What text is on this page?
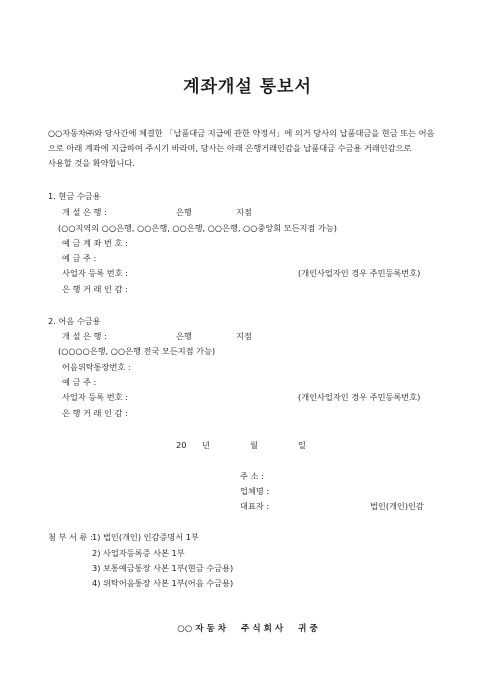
계좌개설 통보서
○○자동차㈜와 당사간에 체결한 「납품대금 지급에 관한 약정서」에 의거 당사의 납품대금을 현금 또는 어음
으로 아래 계좌에 지급하여 주시기 바라며, 당사는 아래 은행거래인감을 납품대금 수금용 거래인감으로
사용할 것을 확약합니다.
1. 현금 수금용
개 설 은 행 :	은행	지점
(○○지역의 ○○은행, ○○은행, ○○은행, ○○은행, ○○중앙회 모든지점 가능)
예 금 계 좌 번 호 :
예 금 주 :
사업자 등록 번호 :	(개인사업자인 경우 주민등록번호)
은 행 거 래 인 감 :
2. 어음 수금용
개 설 은 행 :	은행	지점
(○○○○은행, ○○은행 전국 모든지점 가능)
어음위탁통장번호 :
예 금 주 :
사업자 등록 번호 :	(개인사업자인 경우 주민등록번호)
은 행 거 래 인 감 :
20 년	월	일
주 소 :
업체명 :
대표자 :	법인(개인)인감
첨 부 서 류 : 1) 법인(개인) 인감증명서 1부
2) 사업자등록증 사본 1부
3) 보통예금통장 사본 1부(현금 수금용)
4) 위탁어음통장 사본 1부(어음 수금용)
○○ 자 동 차     주 식 회 사     귀 중
